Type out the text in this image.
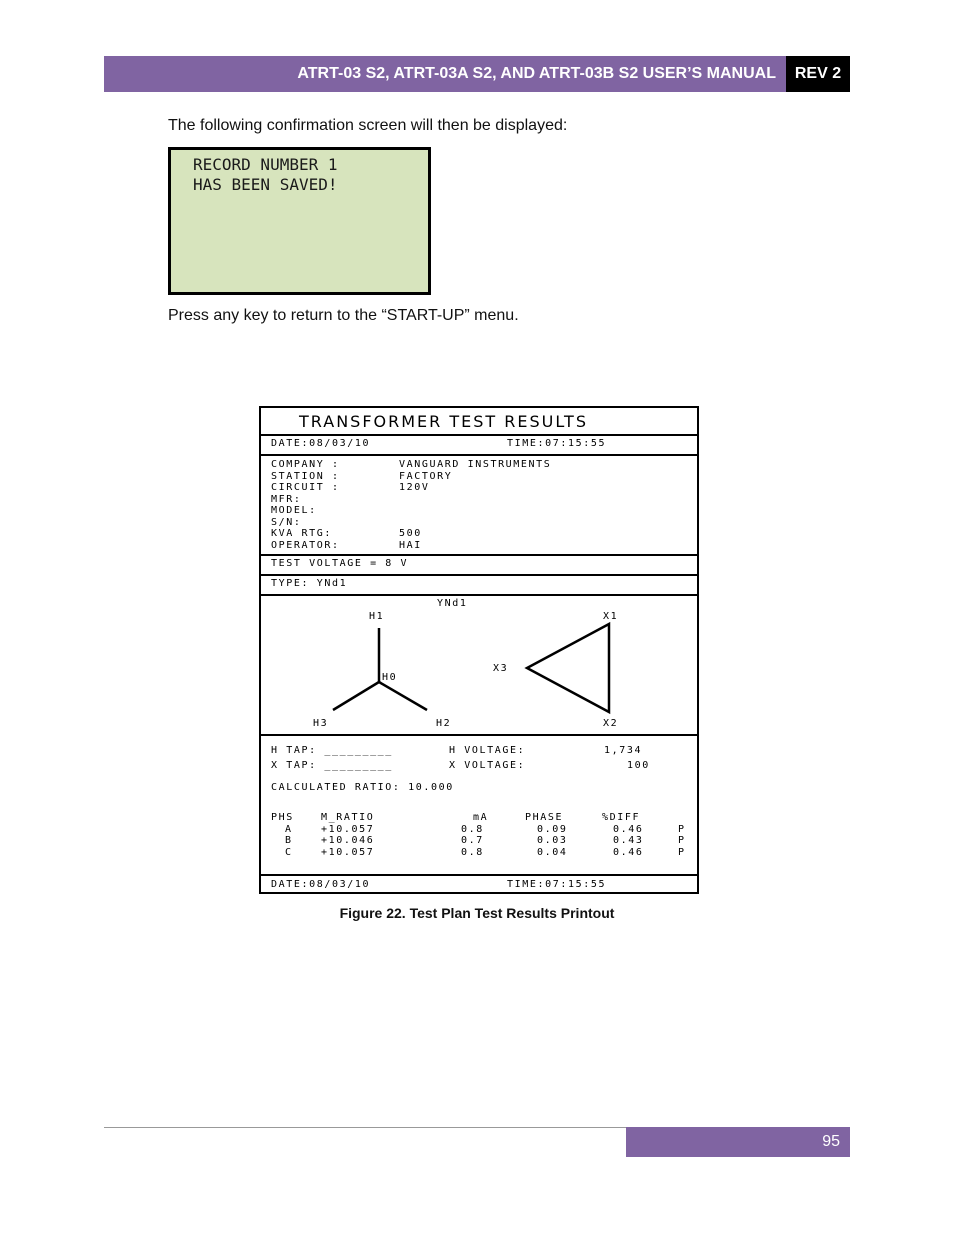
ATRT-03 S2, ATRT-03A S2, AND ATRT-03B S2 USER’S MANUAL	REV 2
The following confirmation screen will then be displayed:
RECORD NUMBER 1
HAS BEEN SAVED!
Press any key to return to the “START-UP” menu.
TRANSFORMER TEST RESULTS
DATE:08/03/10	TIME:07:15:55
COMPANY :	VANGUARD INSTRUMENTS
STATION :	FACTORY
CIRCUIT :	120V
MFR:
MODEL:
S/N:
KVA RTG:	500
OPERATOR:	HAI
TEST VOLTAGE = 8 V
TYPE: YNd1
YNd1
H1
H0
H3	H2
X1
X3
X2
H TAP: _________	H VOLTAGE:	1,734
X TAP: _________	X VOLTAGE:	100
CALCULATED RATIO: 10.000
PHS	M_RATIO	mA	PHASE	%DIFF
A	+10.057	0.8	0.09	0.46	P
B	+10.046	0.7	0.03	0.43	P
C	+10.057	0.8	0.04	0.46	P
DATE:08/03/10	TIME:07:15:55
Figure 22. Test Plan Test Results Printout
95
